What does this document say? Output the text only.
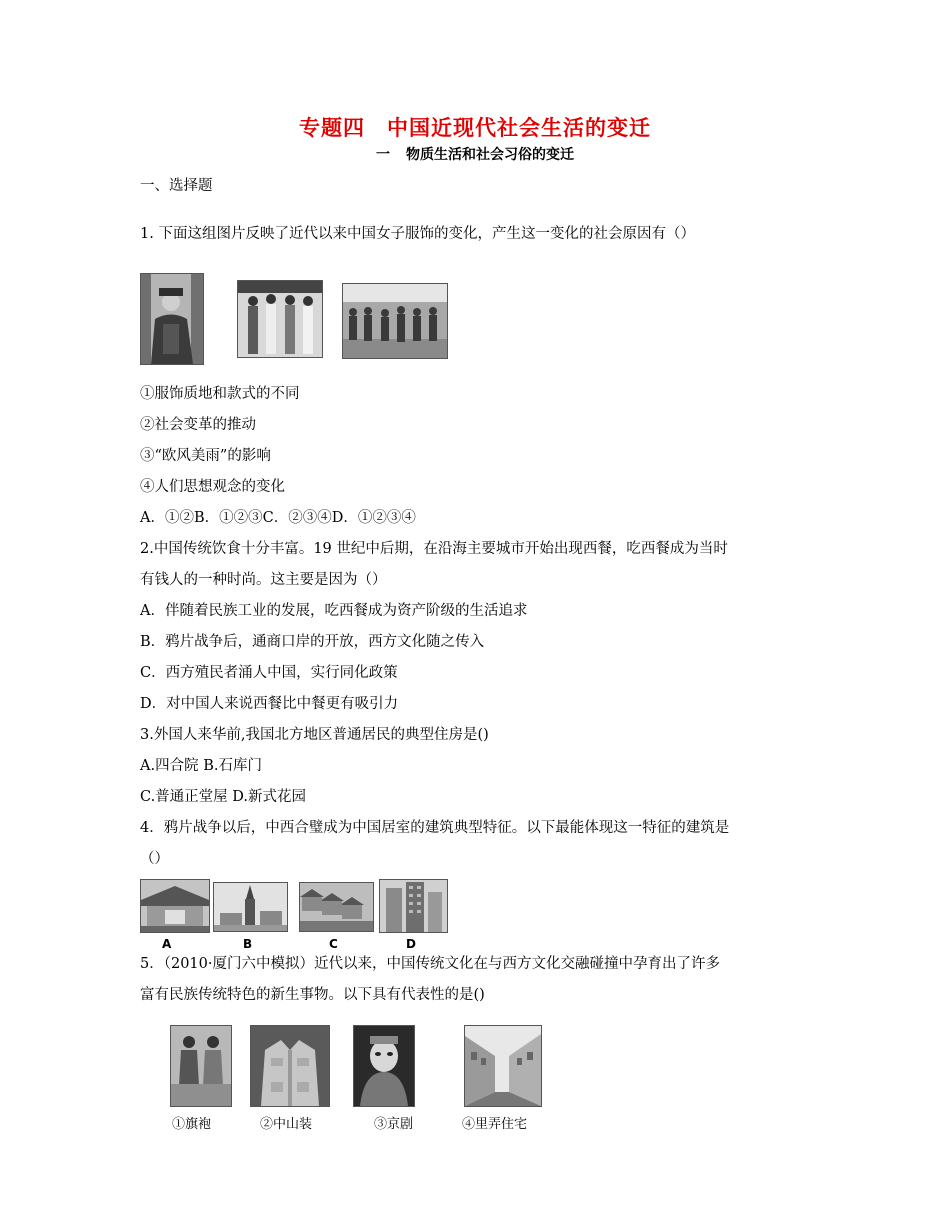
专题四 中国近现代社会生活的变迁
一 物质生活和社会习俗的变迁
一、选择题
1. 下面这组图片反映了近代以来中国女子服饰的变化，产生这一变化的社会原因有（）
①服饰质地和款式的不同
②社会变革的推动
③“欧风美雨”的影响
④人们思想观念的变化
A．①②B．①②③C．②③④D．①②③④
2.中国传统饮食十分丰富。19 世纪中后期，在沿海主要城市开始出现西餐，吃西餐成为当时
有钱人的一种时尚。这主要是因为（）
A．伴随着民族工业的发展，吃西餐成为资产阶级的生活追求
B．鸦片战争后，通商口岸的开放，西方文化随之传入
C．西方殖民者涌人中国，实行同化政策
D．对中国人来说西餐比中餐更有吸引力
3.外国人来华前,我国北方地区普通居民的典型住房是()
A.四合院 B.石库门
C.普通正堂屋 D.新式花园
4．鸦片战争以后，中西合璧成为中国居室的建筑典型特征。以下最能体现这一特征的建筑是
（）
A	B	C	D
5．（2010·厦门六中模拟）近代以来，中国传统文化在与西方文化交融碰撞中孕育出了许多
富有民族传统特色的新生事物。以下具有代表性的是()
①旗袍	②中山装	③京剧	④里弄住宅
